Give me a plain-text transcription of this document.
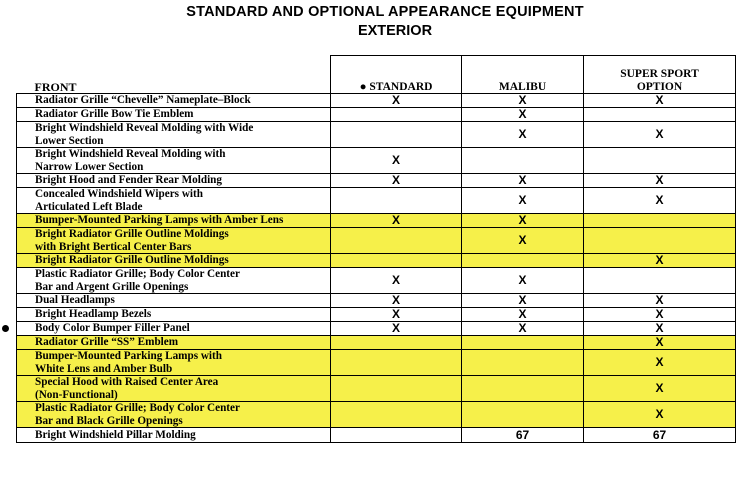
STANDARD AND OPTIONAL APPEARANCE EQUIPMENT
EXTERIOR
FRONT	● STANDARD	MALIBU	SUPER SPORT
OPTION
Radiator Grille “Chevelle” Nameplate–Block	X	X	X
Radiator Grille Bow Tie Emblem		X	
Bright Windshield Reveal Molding with Wide
Lower Section		X	X
Bright Windshield Reveal Molding with
Narrow Lower Section	X		
Bright Hood and Fender Rear Molding	X	X	X
Concealed Windshield Wipers with
Articulated Left Blade		X	X
Bumper-Mounted Parking Lamps with Amber Lens	X	X	
Bright Radiator Grille Outline Moldings
with Bright Bertical Center Bars		X	
Bright Radiator Grille Outline Moldings			X
Plastic Radiator Grille; Body Color Center
Bar and Argent Grille Openings	X	X	
Dual Headlamps	X	X	X
Bright Headlamp Bezels	X	X	X
Body Color Bumper Filler Panel	X	X	X
Radiator Grille “SS” Emblem			X
Bumper-Mounted Parking Lamps with
White Lens and Amber Bulb			X
Special Hood with Raised Center Area
(Non-Functional)			X
Plastic Radiator Grille; Body Color Center
Bar and Black Grille Openings			X
Bright Windshield Pillar Molding		67	67
